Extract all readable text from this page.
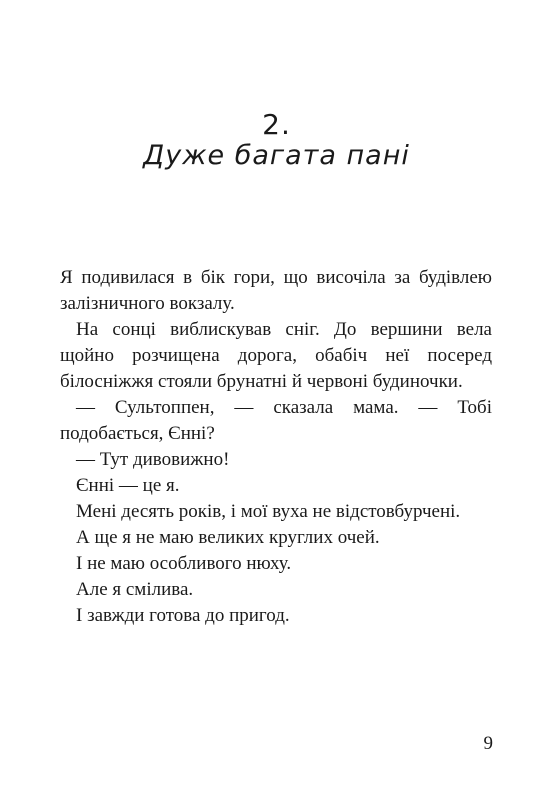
2.
Дуже багата пані

Я подивилася в бік гори, що височіла за будівлею залізничного вокзалу.

На сонці виблискував сніг. До вершини вела щойно розчищена дорога, обабіч неї посеред білосніжжя стояли брунатні й червоні будиночки.

— Сультоппен, — сказала мама. — Тобі подобається, Єнні?

— Тут дивовижно!

Єнні — це я.

Мені десять років, і мої вуха не відстовбурчені.

А ще я не маю великих круглих очей.

І не маю особливого нюху.

Але я смілива.

І завжди готова до пригод.

9
